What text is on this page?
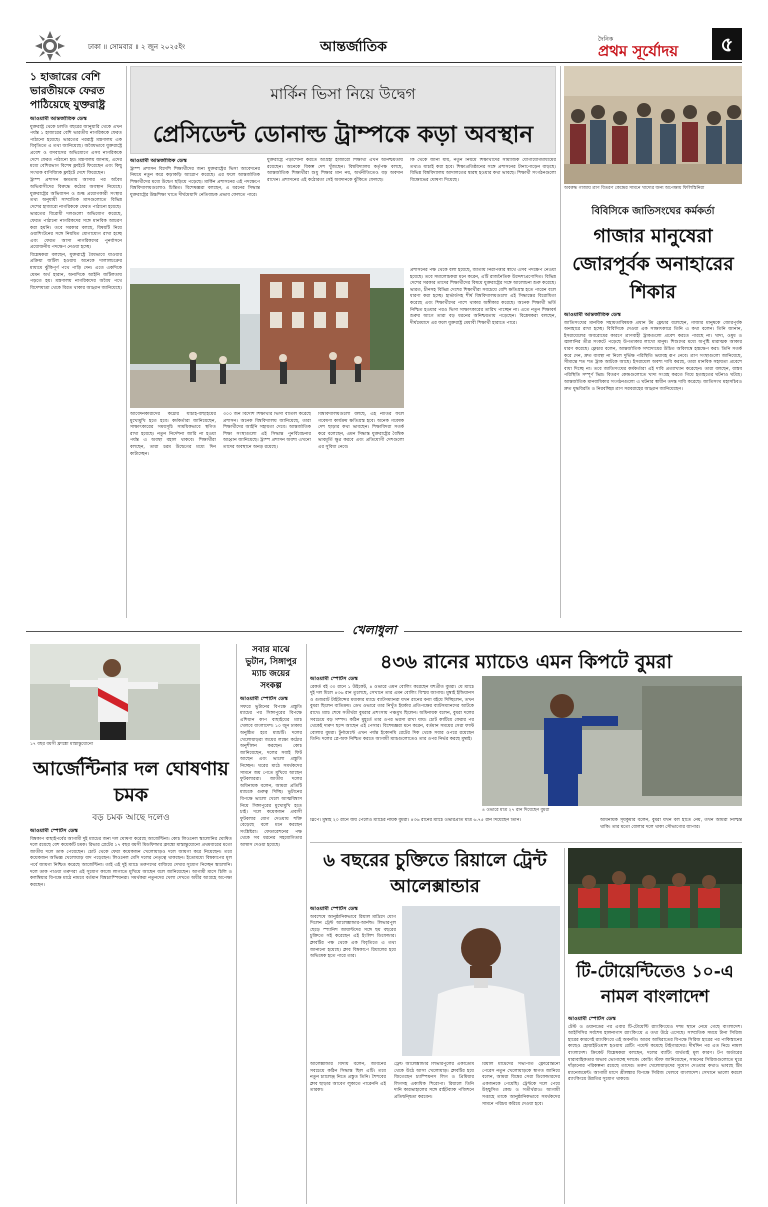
ঢাকা ॥ সোমবার ॥ ২ জুন ২০২৫ইং	আন্তর্জাতিক	দৈনিক
প্রথম সূর্যোদয়	৫
১ হাজারের বেশি ভারতীয়কে ফেরত পাঠিয়েছে যুক্তরাষ্ট্র
আওয়ামী আন্তর্জাতিক ডেস্ক

যুক্তরাষ্ট্র থেকে চলতি বছরের জানুয়ারি থেকে এখন পর্যন্ত ১ হাজারের বেশি ভারতীয় নাগরিককে ফেরত পাঠানো হয়েছে। ভারতের পররাষ্ট্র মন্ত্রণালয় এক বিবৃতিতে এ তথ্য জানিয়েছে। অবৈধভাবে যুক্তরাষ্ট্রে প্রবেশ ও বসবাসের অভিযোগে এসব নাগরিককে দেশে ফেরত পাঠানো হয়। মন্ত্রণালয় জানায়, এদের মধ্যে বেশিরভাগ বিশেষ ফ্লাইটে ফিরেছেন এবং কিছু সংখ্যক বাণিজ্যিক ফ্লাইটে দেশে ফিরেছেন।

ট্রাম্প প্রশাসন ক্ষমতায় আসার পর অবৈধ অভিবাসীদের বিরুদ্ধে কঠোর অবস্থান নিয়েছে। যুক্তরাষ্ট্রের অভিবাসন ও শুল্ক প্রয়োগকারী সংস্থার তথ্য অনুযায়ী সাম্প্রতিক মাসগুলোতে বিভিন্ন দেশের হাজারো নাগরিককে ফেরত পাঠানো হয়েছে।

ভারতের বিরোধী দলগুলো অভিযোগ করেছে, ফেরত পাঠানো নাগরিকদের সঙ্গে মানবিক আচরণ করা হয়নি। তবে সরকার বলছে, বিষয়টি নিয়ে ওয়াশিংটনের সঙ্গে নিয়মিত যোগাযোগ রাখা হচ্ছে এবং ফেরত আসা নাগরিকদের পুনর্বাসনে প্রয়োজনীয় পদক্ষেপ নেওয়া হচ্ছে।

বিশ্লেষকরা বলছেন, যুক্তরাষ্ট্রে বৈধভাবে যাওয়ার প্রক্রিয়া জটিল হওয়ায় অনেকে দালালচক্রের মাধ্যমে ঝুঁকিপূর্ণ পথে পাড়ি দেন। এতে একদিকে যেমন অর্থ হারান, অন্যদিকে আইনি জটিলতায় পড়তে হয়। মন্ত্রণালয় নাগরিকদের অবৈধ পথে বিদেশযাত্রা থেকে বিরত থাকার আহ্বান জানিয়েছে।

মার্কিন ভিসা নিয়ে উদ্বেগ
প্রেসিডেন্ট ডোনাল্ড ট্রাম্পকে কড়া অবস্থান
আওয়ামী আন্তর্জাতিক ডেস্ক
ট্রাম্প প্রশাসন বিদেশি শিক্ষার্থীদের জন্য যুক্তরাষ্ট্রের ভিসা আবেদনের নিয়মে নতুন করে কড়াকড়ি আরোপ করেছে। এর ফলে আন্তর্জাতিক শিক্ষার্থীদের মধ্যে উদ্বেগ ছড়িয়ে পড়েছে। মার্কিন প্রশাসনের এই পদক্ষেপে বিশ্ববিদ্যালয়গুলোও চিন্তিত। বিশেষজ্ঞরা বলছেন, এ ধরনের সিদ্ধান্ত যুক্তরাষ্ট্রের উচ্চশিক্ষা খাতে দীর্ঘমেয়াদি নেতিবাচক প্রভাব ফেলতে পারে।
যুক্তরাষ্ট্রে পড়াশোনা করতে আগ্রহী হাজারো শিক্ষার্থী এখন অনিশ্চয়তায় রয়েছেন। অনেকে বিকল্প দেশ খুঁজছেন। বিশ্ববিদ্যালয় কর্তৃপক্ষ বলছে, আন্তর্জাতিক শিক্ষার্থীরা শুধু শিক্ষার মান নয়, অর্থনীতিতেও বড় অবদান রাখেন। প্রশাসনের এই কঠোরতা সেই অবদানকে ঝুঁকিতে ফেলছে।
কি থেকে জানা যায়, নতুন নিয়মে শিক্ষার্থীদের সামাজিক যোগাযোগমাধ্যমের তথ্যও যাচাই করা হবে। শিক্ষাপ্রতিষ্ঠানের সঙ্গে প্রশাসনের টানাপোড়েন বাড়ছে। বিভিন্ন বিশ্ববিদ্যালয় আদালতের দ্বারস্থ হওয়ার কথা ভাবছে। শিক্ষার্থী সংগঠনগুলো বিক্ষোভের ঘোষণা দিয়েছে।
প্রশাসনের পক্ষ থেকে বলা হয়েছে, জাতীয় নিরাপত্তার স্বার্থে এসব পদক্ষেপ নেওয়া হয়েছে। তবে সমালোচকরা মনে করেন, এটি রাজনৈতিক উদ্দেশ্যপ্রণোদিত। বিভিন্ন দেশের সরকার তাদের শিক্ষার্থীদের বিষয়ে যুক্তরাষ্ট্রের সঙ্গে আলোচনা শুরু করেছে। ভারত, চীনসহ বিভিন্ন দেশের শিক্ষার্থীরা সবচেয়ে বেশি ক্ষতিগ্রস্ত হতে পারেন বলে ধারণা করা হচ্ছে। হার্ভার্ডসহ শীর্ষ বিশ্ববিদ্যালয়গুলো এই সিদ্ধান্তের বিরোধিতা করেছে এবং শিক্ষার্থীদের পাশে থাকার অঙ্গীকার করেছে। অনেক শিক্ষার্থী ভর্তি নিশ্চিত হওয়ার পরও ভিসা সাক্ষাৎকারের তারিখ পাচ্ছেন না। এতে নতুন শিক্ষাবর্ষ শুরুর আগে তারা বড় ধরনের অনিশ্চয়তায় পড়েছেন। বিশ্লেষকরা বলছেন, দীর্ঘমেয়াদে এর ফলে যুক্তরাষ্ট্র মেধাবী শিক্ষার্থী হারাতে পারে।
আবেদনকারীদের কঠোর যাচাই-বাছাইয়ের মুখোমুখি হতে হবে। কর্মকর্তারা জানিয়েছেন, সাক্ষাৎকারের সময়সূচি সাময়িকভাবে স্থগিত রাখা হয়েছে। নতুন নির্দেশনা জারি না হওয়া পর্যন্ত এ অবস্থা বহাল থাকবে। শিক্ষার্থীরা বলছেন, তারা চরম উদ্বেগের মধ্যে দিন কাটাচ্ছেন।
৩০০ জন বিদেশি শিক্ষার্থীর ভিসা বাতিল করেছে প্রশাসন। অনেক বিশ্ববিদ্যালয় জানিয়েছে, তারা শিক্ষার্থীদের আইনি সহায়তা দেবে। আন্তর্জাতিক শিক্ষা সংস্থাগুলো এই সিদ্ধান্ত পুনর্বিবেচনার আহ্বান জানিয়েছে। ট্রাম্প প্রশাসন অবশ্য এখনো তাদের অবস্থানে অনড় রয়েছে।
বিশ্ববিদ্যালয়গুলো বলছে, এই নীতির ফলে গবেষণা কার্যক্রম ক্ষতিগ্রস্ত হবে। অনেক গবেষক দেশ ছাড়ার কথা ভাবছেন। শিক্ষাবিদরা সতর্ক করে বলেছেন, এমন সিদ্ধান্ত যুক্তরাষ্ট্রের বৈশ্বিক ভাবমূর্তি ক্ষুণ্ণ করবে এবং প্রতিযোগী দেশগুলো এর সুবিধা নেবে।
অবরুদ্ধ গাজায় ত্রাণ বিতরণ কেন্দ্রের সামনে খাদ্যের জন্য অপেক্ষায় ফিলিস্তিনিরা
বিবিসিকে জাতিসংঘের কর্মকর্তা
গাজার মানুষেরা জোরপূর্বক অনাহারের শিকার
আওয়ামী আন্তর্জাতিক ডেস্ক
জাতিসংঘের মানবিক সহায়তাবিষয়ক প্রধান টম ফ্লেচার বলেছেন, গাজার মানুষকে জোরপূর্বক অনাহারে রাখা হচ্ছে। বিবিসিকে দেওয়া এক সাক্ষাৎকারে তিনি এ কথা বলেন। তিনি জানান, ইসরায়েলের অবরোধের কারণে ত্রাণবাহী ট্রাকগুলো প্রবেশ করতে পারছে না। খাদ্য, ওষুধ ও জ্বালানির তীব্র সংকটে পড়েছে উপত্যকার লাখো মানুষ। শিশুদের মধ্যে অপুষ্টি মারাত্মক আকার ধারণ করেছে। ফ্লেচার বলেন, আন্তর্জাতিক সম্প্রদায়ের উচিত অবিলম্বে হস্তক্ষেপ করা। তিনি সতর্ক করে দেন, দ্রুত ব্যবস্থা না নিলে দুর্ভিক্ষ পরিস্থিতি ভয়াবহ রূপ নেবে। ত্রাণ সংস্থাগুলো জানিয়েছে, সীমান্তে শত শত ট্রাক আটকে আছে। ইসরায়েল অবশ্য দাবি করছে, তারা মানবিক সহায়তা প্রবেশে বাধা দিচ্ছে না। তবে জাতিসংঘের কর্মকর্তারা এই দাবি প্রত্যাখ্যান করেছেন। তারা বলছেন, বাস্তব পরিস্থিতি সম্পূর্ণ ভিন্ন। বিতরণ কেন্দ্রগুলোতে খাদ্য সংগ্রহ করতে গিয়ে হতাহতের ঘটনাও ঘটছে। আন্তর্জাতিক মানবাধিকার সংগঠনগুলো এ ঘটনার স্বাধীন তদন্ত দাবি করেছে। জাতিসংঘ মহাসচিবও দ্রুত যুদ্ধবিরতি ও নিরবচ্ছিন্ন ত্রাণ সরবরাহের আহ্বান জানিয়েছেন।
খেলাধুলা
১৭ বছর বয়সী ফ্রাঙ্কো মাস্তান্তুয়োনো
আর্জেন্টিনার দল ঘোষণায় চমক
বড় চমক আছে দলেও
আওয়ামী স্পোর্টস ডেস্ক
বিশ্বকাপ বাছাইপর্বের আগামী দুই ম্যাচের জন্য দল ঘোষণা করেছে আর্জেন্টিনা। কোচ লিওনেল স্কালোনির ঘোষিত দলে রয়েছে বেশ কয়েকটি চমক। রিভার প্লেটের ১৭ বছর বয়সী মিডফিল্ডার ফ্রাঙ্কো মাস্তান্তুয়োনো প্রথমবারের মতো জাতীয় দলে ডাক পেয়েছেন। চোট থেকে ফেরা কয়েকজন খেলোয়াড়ও দলে জায়গা করে নিয়েছেন। তবে কয়েকজন অভিজ্ঞ খেলোয়াড় বাদ পড়েছেন। লিওনেল মেসি দলের নেতৃত্বে থাকছেন। ইতোমধ্যে বিশ্বকাপের মূল পর্বে জায়গা নিশ্চিত করেছে আর্জেন্টিনা। তাই এই দুই ম্যাচে তরুণদের বাজিয়ে দেখার সুযোগ নিচ্ছেন স্কালোনি। দলে ডাক পাওয়া তরুণরা এই সুযোগ কাজে লাগাতে মুখিয়ে আছেন বলে জানিয়েছেন। আগামী মাসে চিলি ও কলম্বিয়ার বিপক্ষে মাঠে নামবে বর্তমান বিশ্বচ্যাম্পিয়নরা। সমর্থকরা নতুনদের খেলা দেখতে অধীর আগ্রহে অপেক্ষা করছেন।
সবার মাঝে ভুটান, সিঙ্গাপুর ম্যাচ জয়ের সংকল্প
আওয়ামী স্পোর্টস ডেস্ক
সফরে ভুটানের বিপক্ষে প্রস্তুতি ম্যাচের পর সিঙ্গাপুরের বিপক্ষে এশিয়ান কাপ বাছাইয়ের ম্যাচ খেলবে বাংলাদেশ। ১০ জুন ঢাকায় অনুষ্ঠিত হবে ম্যাচটি। দলের খেলোয়াড়রা জয়ের লক্ষ্যে কঠোর অনুশীলন করছেন। কোচ জানিয়েছেন, দলের সবাই ফিট আছেন এবং ভালো প্রস্তুতি নিচ্ছেন। ঘরের মাঠে সমর্থকদের সামনে জয় পেতে মুখিয়ে আছেন ফুটবলাররা। জাতীয় দলের অধিনায়ক বলেন, আমরা প্রতিটি ম্যাচকে গুরুত্ব দিচ্ছি। ভুটানের বিপক্ষে ভালো খেলে আত্মবিশ্বাস নিয়ে সিঙ্গাপুরের মুখোমুখি হতে চাই। দলে কয়েকজন প্রবাসী ফুটবলার যোগ দেওয়ায় শক্তি বেড়েছে বলে মনে করছেন সংশ্লিষ্টরা। ফেডারেশনের পক্ষ থেকে সব ধরনের সহযোগিতার আশ্বাস দেওয়া হয়েছে।
৪৩৬ রানের ম্যাচেও এমন কিপটে বুমরা
আওয়ামী স্পোর্টস ডেস্ক
রেকর্ড বই ৩০ রানে ১ উইকেট, ৪ ওভারে এমন বোলিং করেছেন যশপ্রীত বুমরা। যে ম্যাচে দুই দল মিলে ৪৩৬ রান তুলেছে, সেখানে তার এমন বোলিং বিস্ময় জাগায়। মুম্বাই ইন্ডিয়ানস ও গুজরাট টাইটান্সের মধ্যকার ম্যাচে ব্যাটসম্যানরা যখন রানের বন্যা বইয়ে দিচ্ছিলেন, তখন বুমরা ছিলেন ব্যতিক্রম। ডেথ ওভারে তার নিখুঁত ইয়র্কার প্রতিপক্ষের ব্যাটসম্যানদের আটকে রাখে। ম্যাচ শেষে সতীর্থরা বুমরার প্রশংসায় পঞ্চমুখ ছিলেন। অধিনায়ক বলেন, বুমরা দলের সবচেয়ে বড় সম্পদ। কঠিন মুহূর্তে তার ওপর ভরসা রাখা যায়। চোট কাটিয়ে ফেরার পর থেকেই দারুণ ছন্দে আছেন এই পেসার। বিশেষজ্ঞরা মনে করেন, বর্তমান সময়ের সেরা ফাস্ট বোলার বুমরা। টুর্নামেন্টে এখন পর্যন্ত ইকোনমি রেটের দিক থেকে সবার ওপরে রয়েছেন তিনি। দলের প্লে-অফ নিশ্চিত করতে আগামী ম্যাচগুলোতেও তার ওপর নির্ভর করছে মুম্বাই।
৪ ওভারে মাত্র ২৭ রান দিয়েছেন বুমরা
স্লিপে। মুম্বাই ২০ রানে জয় পেলেও ম্যাচের নায়ক বুমরা। ৪৩৬ রানের ম্যাচে ওভারপ্রতি মাত্র ৬.৭৫ রান দিয়েছেন তিনি।	অধিনায়ক সূর্যকুমার বলেন, বুমরা যখন বল হাতে নেয়, তখন আমরা নিশ্চিন্ত থাকি। তার মতো বোলার দলে থাকা সৌভাগ্যের ব্যাপার।
৬ বছরের চুক্তিতে রিয়ালে ট্রেন্ট আলেক্সান্ডার
আওয়ামী স্পোর্টস ডেস্ক
অবশেষে আনুষ্ঠানিকভাবে রিয়াল মাদ্রিদে যোগ দিলেন ট্রেন্ট আলেক্সান্ডার-আর্নল্ড। লিভারপুল ছেড়ে স্প্যানিশ জায়ান্টদের সঙ্গে ছয় বছরের চুক্তিতে সই করেছেন এই ইংলিশ ডিফেন্ডার। ক্লাবটির পক্ষ থেকে এক বিবৃতিতে এ তথ্য জানানো হয়েছে। ক্লাব বিশ্বকাপে রিয়ালের হয়ে অভিষেক হতে পারে তার।
আলেক্সান্ডার বিদায় বলেন, জীবনের সবচেয়ে কঠিন সিদ্ধান্ত ছিল এটি। তবে নতুন চ্যালেঞ্জ নিতে প্রস্তুত তিনি। শৈশবের ক্লাব ছাড়ার আবেগ লুকাতে পারেননি এই তারকা।
ট্রেন্ট আলেক্সান্ডার লিভারপুলের একাডেমি থেকে উঠে আসা খেলোয়াড়। ক্লাবটির হয়ে জিতেছেন চ্যাম্পিয়নস লিগ ও প্রিমিয়ার লিগসহ একাধিক শিরোপা। রিয়ালে তিনি দানি কারভাহালের সঙ্গে রাইটব্যাক পজিশনে প্রতিদ্বন্দ্বিতা করবেন।
রিয়াল মাদ্রিদের সভাপতি ফ্লোরেন্তিনো পেরেস নতুন খেলোয়াড়কে স্বাগত জানিয়ে বলেন, আমরা বিশ্বের সেরা ডিফেন্ডারদের একজনকে পেয়েছি। ট্রেন্টকে দলে পেয়ে উচ্ছ্বসিত কোচ ও সতীর্থরাও। আগামী সপ্তাহে তাকে আনুষ্ঠানিকভাবে সমর্থকদের সামনে পরিচয় করিয়ে দেওয়া হবে।
টি-টোয়েন্টিতেও ১০-এ নামল বাংলাদেশ
আওয়ামী স্পোর্টস ডেস্ক
টেস্ট ও ওয়ানডের পর এবার টি-টোয়েন্টি র‍্যাংকিংয়েও দশম স্থানে নেমে গেছে বাংলাদেশ। আইসিসির সর্বশেষ হালনাগাদ র‍্যাংকিংয়ে এ তথ্য উঠে এসেছে। সাম্প্রতিক সময়ে টানা সিরিজ হারের কারণেই র‍্যাংকিংয়ে এই অবনতি। আরব আমিরাতের বিপক্ষে সিরিজ হারের পর পাকিস্তানের কাছেও হোয়াইটওয়াশ হওয়ায় রেটিং পয়েন্ট কমেছে টাইগারদের। দীর্ঘদিন পর এত নিচে নামল বাংলাদেশ। ক্রিকেট বিশ্লেষকরা বলছেন, দলের ব্যাটিং ব্যর্থতাই মূল কারণ। টপ অর্ডারের ধারাবাহিকতার অভাব ভোগাচ্ছে দলকে। কোচিং স্টাফ জানিয়েছেন, সামনের সিরিজগুলোতে ঘুরে দাঁড়ানোর পরিকল্পনা রয়েছে তাদের। তরুণ খেলোয়াড়দের সুযোগ দেওয়ার কথাও ভাবছে টিম ম্যানেজমেন্ট। আগামী মাসে শ্রীলঙ্কার বিপক্ষে সিরিজ খেলবে বাংলাদেশ। সেখানে ভালো করলে র‍্যাংকিংয়ে উন্নতির সুযোগ থাকবে।
